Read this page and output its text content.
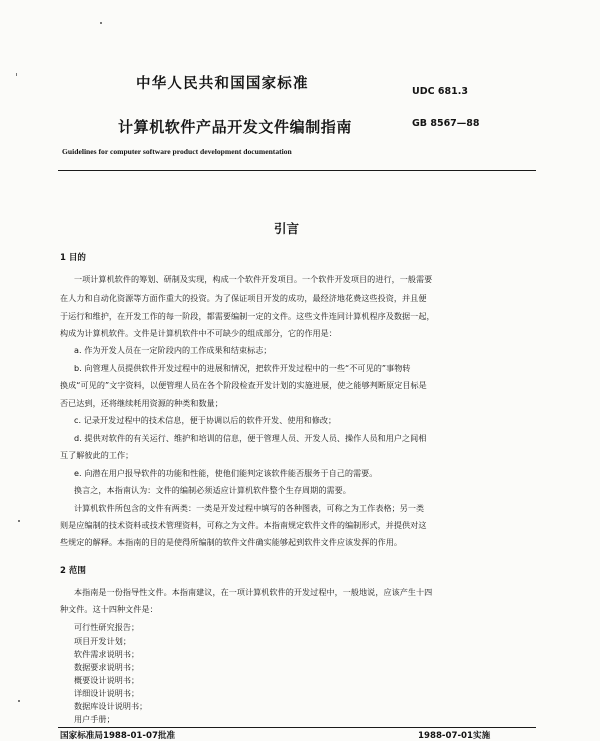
中华人民共和国国家标准	UDC 681.3
计算机软件产品开发文件编制指南	GB 8567—88
Guidelines for computer software product development documentation
引言
1 目的
一项计算机软件的筹划、研制及实现，构成一个软件开发项目。一个软件开发项目的进行，一般需要
在人力和自动化资源等方面作重大的投资。为了保证项目开发的成功，最经济地花费这些投资，并且便
于运行和维护，在开发工作的每一阶段，都需要编制一定的文件。这些文件连同计算机程序及数据一起，
构成为计算机软件。文件是计算机软件中不可缺少的组成部分，它的作用是：
a. 作为开发人员在一定阶段内的工作成果和结束标志；
b. 向管理人员提供软件开发过程中的进展和情况，把软件开发过程中的一些“不可见的”事物转
换成“可见的”文字资料，以便管理人员在各个阶段检查开发计划的实施进展，使之能够判断原定目标是
否已达到，还将继续耗用资源的种类和数量；
c. 记录开发过程中的技术信息，便于协调以后的软件开发、使用和修改；
d. 提供对软件的有关运行、维护和培训的信息，便于管理人员、开发人员、操作人员和用户之间相
互了解彼此的工作；
e. 向潜在用户报导软件的功能和性能，使他们能判定该软件能否服务于自己的需要。
换言之，本指南认为：文件的编制必须适应计算机软件整个生存周期的需要。
计算机软件所包含的文件有两类：一类是开发过程中填写的各种图表，可称之为工作表格；另一类
则是应编制的技术资料或技术管理资料，可称之为文件。本指南规定软件文件的编制形式，并提供对这
些规定的解释。本指南的目的是使得所编制的软件文件确实能够起到软件文件应该发挥的作用。
2 范围
本指南是一份指导性文件。本指南建议，在一项计算机软件的开发过程中，一般地说，应该产生十四
种文件。这十四种文件是：
可行性研究报告；
项目开发计划；
软件需求说明书；
数据要求说明书；
概要设计说明书；
详细设计说明书；
数据库设计说明书；
用户手册；
国家标准局1988-01-07批准	1988-07-01实施
